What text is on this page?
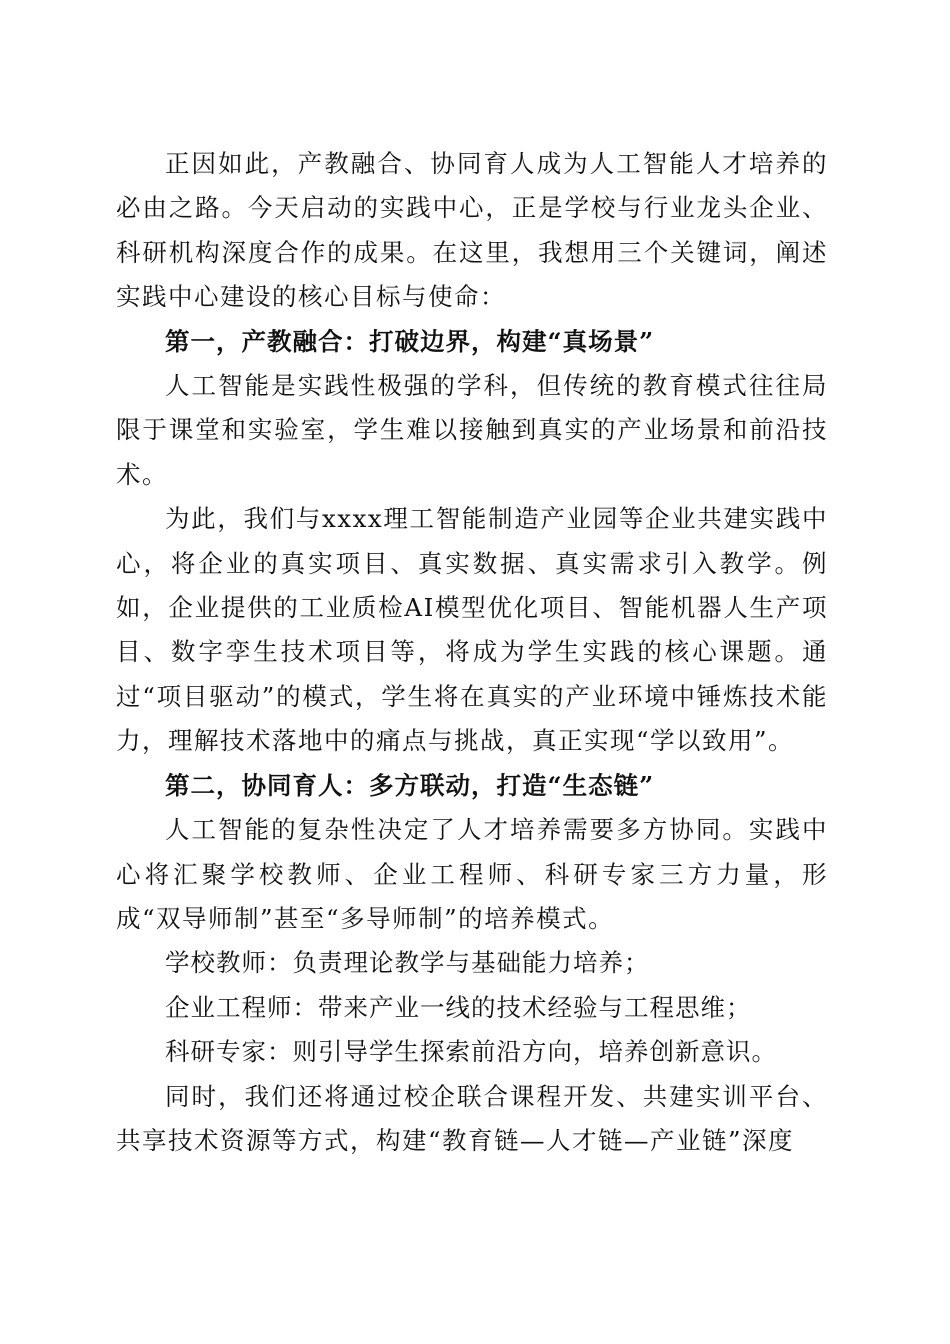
正因如此，产教融合、协同育人成为人工智能人才培养的必由之路。今天启动的实践中心，正是学校与行业龙头企业、科研机构深度合作的成果。在这里，我想用三个关键词，阐述实践中心建设的核心目标与使命：

第一，产教融合：打破边界，构建“真场景”

人工智能是实践性极强的学科，但传统的教育模式往往局限于课堂和实验室，学生难以接触到真实的产业场景和前沿技术。

为此，我们与xxxx理工智能制造产业园等企业共建实践中心，将企业的真实项目、真实数据、真实需求引入教学。例如，企业提供的工业质检AI模型优化项目、智能机器人生产项目、数字孪生技术项目等，将成为学生实践的核心课题。通过“项目驱动”的模式，学生将在真实的产业环境中锤炼技术能力，理解技术落地中的痛点与挑战，真正实现“学以致用”。

第二，协同育人：多方联动，打造“生态链”

人工智能的复杂性决定了人才培养需要多方协同。实践中心将汇聚学校教师、企业工程师、科研专家三方力量，形成“双导师制”甚至“多导师制”的培养模式。

学校教师：负责理论教学与基础能力培养；

企业工程师：带来产业一线的技术经验与工程思维；

科研专家：则引导学生探索前沿方向，培养创新意识。

同时，我们还将通过校企联合课程开发、共建实训平台、共享技术资源等方式，构建“教育链—人才链—产业链”深度
